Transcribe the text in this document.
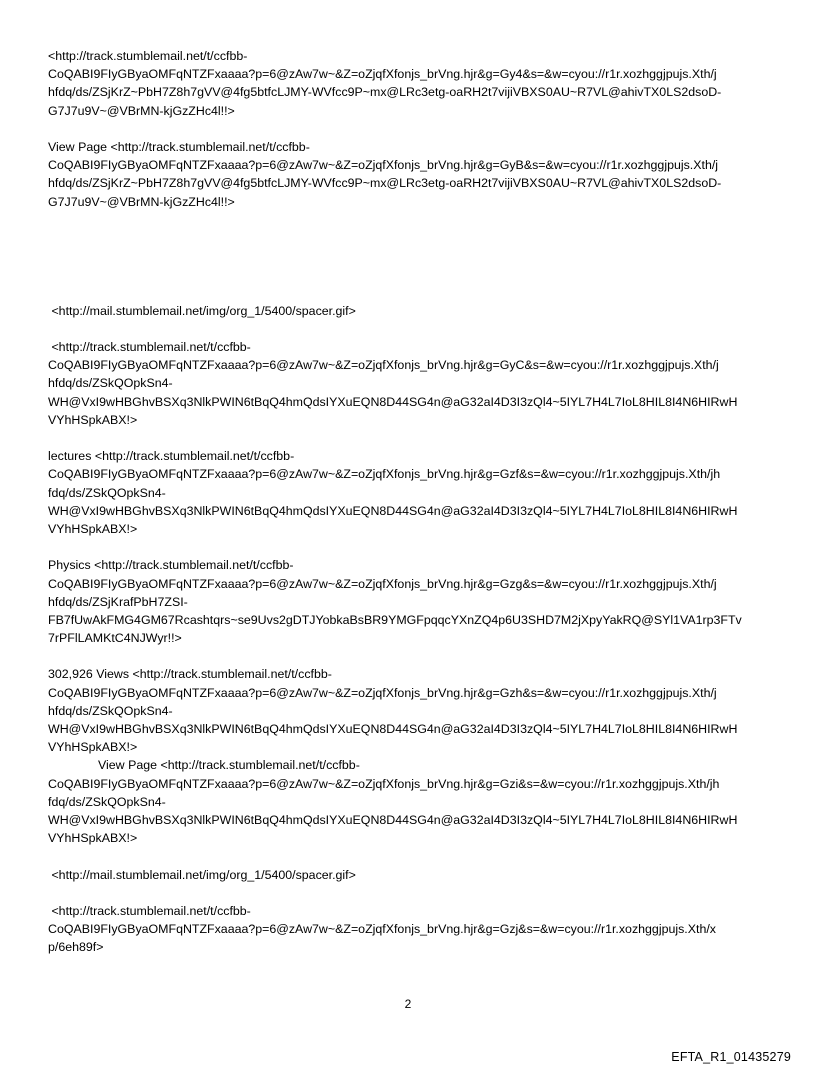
<http://track.stumblemail.net/t/ccfbb-
CoQABI9FIyGByaOMFqNTZFxaaaa?p=6@zAw7w~&Z=oZjqfXfonjs_brVng.hjr&g=Gy4&s=&w=cyou://r1r.xozhggjpujs.Xth/j
hfdq/ds/ZSjKrZ~PbH7Z8h7gVV@4fg5btfcLJMY-WVfcc9P~mx@LRc3etg-oaRH2t7vijiVBXS0AU~R7VL@ahivTX0LS2dsoD-
G7J7u9V~@VBrMN-kjGzZHc4l!!>
View Page <http://track.stumblemail.net/t/ccfbb-
CoQABI9FIyGByaOMFqNTZFxaaaa?p=6@zAw7w~&Z=oZjqfXfonjs_brVng.hjr&g=GyB&s=&w=cyou://r1r.xozhggjpujs.Xth/j
hfdq/ds/ZSjKrZ~PbH7Z8h7gVV@4fg5btfcLJMY-WVfcc9P~mx@LRc3etg-oaRH2t7vijiVBXS0AU~R7VL@ahivTX0LS2dsoD-
G7J7u9V~@VBrMN-kjGzZHc4l!!>
<http://mail.stumblemail.net/img/org_1/5400/spacer.gif>
<http://track.stumblemail.net/t/ccfbb-
CoQABI9FIyGByaOMFqNTZFxaaaa?p=6@zAw7w~&Z=oZjqfXfonjs_brVng.hjr&g=GyC&s=&w=cyou://r1r.xozhggjpujs.Xth/j
hfdq/ds/ZSkQOpkSn4-
WH@VxI9wHBGhvBSXq3NlkPWIN6tBqQ4hmQdsIYXuEQN8D44SG4n@aG32aI4D3I3zQl4~5IYL7H4L7IoL8HIL8I4N6HIRwH
VYhHSpkABX!>
lectures <http://track.stumblemail.net/t/ccfbb-
CoQABI9FIyGByaOMFqNTZFxaaaa?p=6@zAw7w~&Z=oZjqfXfonjs_brVng.hjr&g=Gzf&s=&w=cyou://r1r.xozhggjpujs.Xth/jh
fdq/ds/ZSkQOpkSn4-
WH@VxI9wHBGhvBSXq3NlkPWIN6tBqQ4hmQdsIYXuEQN8D44SG4n@aG32aI4D3I3zQl4~5IYL7H4L7IoL8HIL8I4N6HIRwH
VYhHSpkABX!>
Physics <http://track.stumblemail.net/t/ccfbb-
CoQABI9FIyGByaOMFqNTZFxaaaa?p=6@zAw7w~&Z=oZjqfXfonjs_brVng.hjr&g=Gzg&s=&w=cyou://r1r.xozhggjpujs.Xth/j
hfdq/ds/ZSjKrafPbH7ZSI-
FB7fUwAkFMG4GM67Rcashtqrs~se9Uvs2gDTJYobkaBsBR9YMGFpqqcYXnZQ4p6U3SHD7M2jXpyYakRQ@SYl1VA1rp3FTv
7rPFlLAMKtC4NJWyr!!>
302,926 Views <http://track.stumblemail.net/t/ccfbb-
CoQABI9FIyGByaOMFqNTZFxaaaa?p=6@zAw7w~&Z=oZjqfXfonjs_brVng.hjr&g=Gzh&s=&w=cyou://r1r.xozhggjpujs.Xth/j
hfdq/ds/ZSkQOpkSn4-
WH@VxI9wHBGhvBSXq3NlkPWIN6tBqQ4hmQdsIYXuEQN8D44SG4n@aG32aI4D3I3zQl4~5IYL7H4L7IoL8HIL8I4N6HIRwH
VYhHSpkABX!>
View Page <http://track.stumblemail.net/t/ccfbb-
CoQABI9FIyGByaOMFqNTZFxaaaa?p=6@zAw7w~&Z=oZjqfXfonjs_brVng.hjr&g=Gzi&s=&w=cyou://r1r.xozhggjpujs.Xth/jh
fdq/ds/ZSkQOpkSn4-
WH@VxI9wHBGhvBSXq3NlkPWIN6tBqQ4hmQdsIYXuEQN8D44SG4n@aG32aI4D3I3zQl4~5IYL7H4L7IoL8HIL8I4N6HIRwH
VYhHSpkABX!>
<http://mail.stumblemail.net/img/org_1/5400/spacer.gif>
<http://track.stumblemail.net/t/ccfbb-
CoQABI9FIyGByaOMFqNTZFxaaaa?p=6@zAw7w~&Z=oZjqfXfonjs_brVng.hjr&g=Gzj&s=&w=cyou://r1r.xozhggjpujs.Xth/x
p/6eh89f>
2
EFTA_R1_01435279
